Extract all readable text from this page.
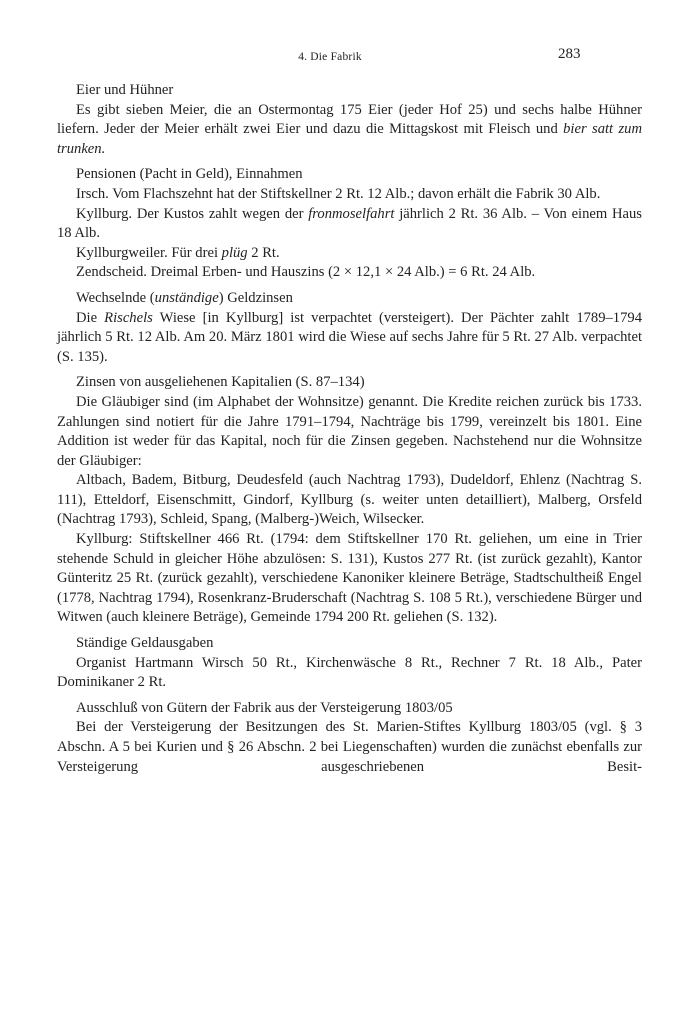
4. Die Fabrik	283

Eier und Hühner

Es gibt sieben Meier, die an Ostermontag 175 Eier (jeder Hof 25) und sechs halbe Hühner liefern. Jeder der Meier erhält zwei Eier und dazu die Mittagskost mit Fleisch und bier satt zum trunken.

Pensionen (Pacht in Geld), Einnahmen

Irsch. Vom Flachszehnt hat der Stiftskellner 2 Rt. 12 Alb.; davon erhält die Fabrik 30 Alb.

Kyllburg. Der Kustos zahlt wegen der fronmoselfahrt jährlich 2 Rt. 36 Alb. – Von einem Haus 18 Alb.

Kyllburgweiler. Für drei plüg 2 Rt.

Zendscheid. Dreimal Erben- und Hauszins (2 × 12,1 × 24 Alb.) = 6 Rt. 24 Alb.

Wechselnde (unständige) Geldzinsen

Die Rischels Wiese [in Kyllburg] ist verpachtet (versteigert). Der Pächter zahlt 1789–1794 jährlich 5 Rt. 12 Alb. Am 20. März 1801 wird die Wiese auf sechs Jahre für 5 Rt. 27 Alb. verpachtet (S. 135).

Zinsen von ausgeliehenen Kapitalien (S. 87–134)

Die Gläubiger sind (im Alphabet der Wohnsitze) genannt. Die Kredite reichen zurück bis 1733. Zahlungen sind notiert für die Jahre 1791–1794, Nachträge bis 1799, vereinzelt bis 1801. Eine Addition ist weder für das Kapital, noch für die Zinsen gegeben. Nachstehend nur die Wohnsitze der Gläubiger:

Altbach, Badem, Bitburg, Deudesfeld (auch Nachtrag 1793), Dudeldorf, Ehlenz (Nachtrag S. 111), Etteldorf, Eisenschmitt, Gindorf, Kyllburg (s. weiter unten detailliert), Malberg, Orsfeld (Nachtrag 1793), Schleid, Spang, (Malberg-)Weich, Wilsecker.

Kyllburg: Stiftskellner 466 Rt. (1794: dem Stiftskellner 170 Rt. geliehen, um eine in Trier stehende Schuld in gleicher Höhe abzulösen: S. 131), Kustos 277 Rt. (ist zurück gezahlt), Kantor Günteritz 25 Rt. (zurück gezahlt), verschiedene Kanoniker kleinere Beträge, Stadtschultheiß Engel (1778, Nachtrag 1794), Rosenkranz-Bruderschaft (Nachtrag S. 108 5 Rt.), verschiedene Bürger und Witwen (auch kleinere Beträge), Gemeinde 1794 200 Rt. geliehen (S. 132).

Ständige Geldausgaben

Organist Hartmann Wirsch 50 Rt., Kirchenwäsche 8 Rt., Rechner 7 Rt. 18 Alb., Pater Dominikaner 2 Rt.

Ausschluß von Gütern der Fabrik aus der Versteigerung 1803/05

Bei der Versteigerung der Besitzungen des St. Marien-Stiftes Kyllburg 1803/05 (vgl. § 3 Abschn. A 5 bei Kurien und § 26 Abschn. 2 bei Liegenschaften) wurden die zunächst ebenfalls zur Versteigerung ausgeschriebenen Besit-
